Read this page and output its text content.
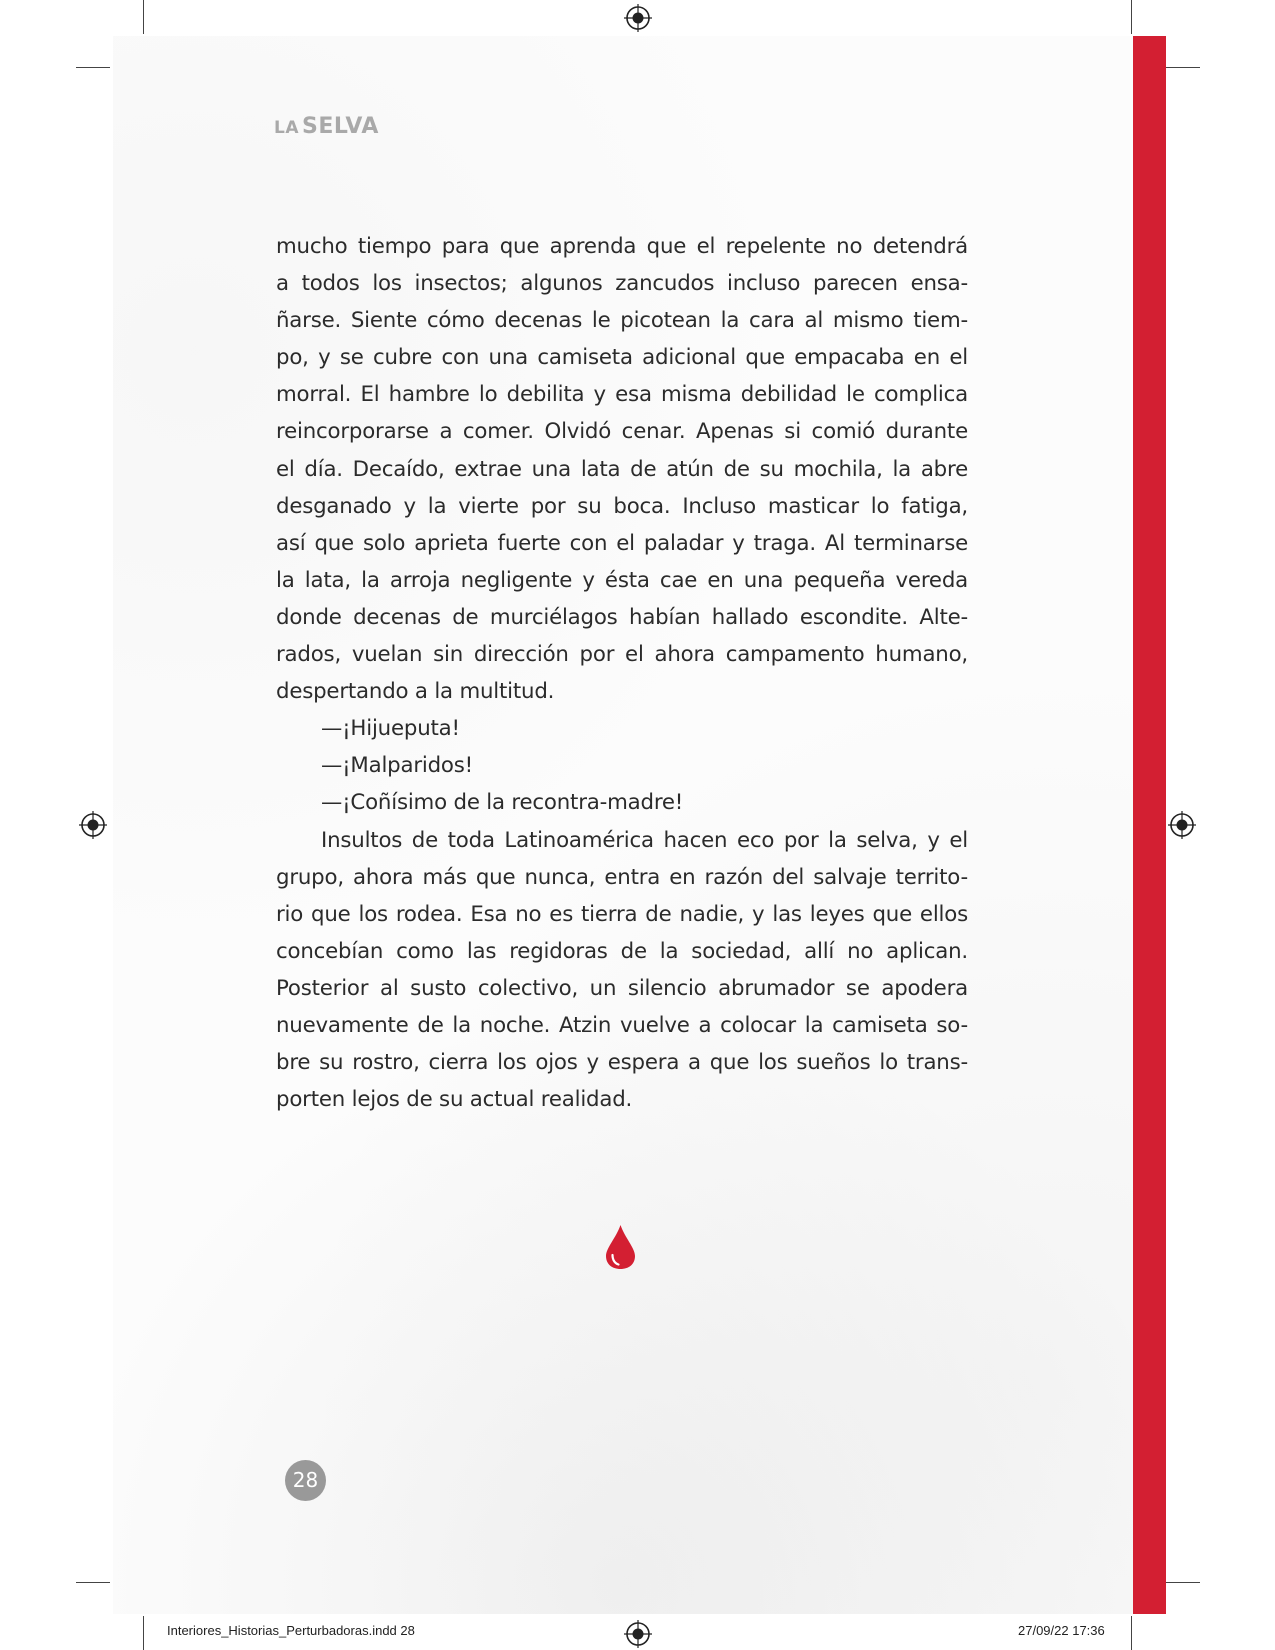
LA SELVA
mucho tiempo para que aprenda que el repelente no detendrá
a todos los insectos; algunos zancudos incluso parecen ensa-
ñarse. Siente cómo decenas le picotean la cara al mismo tiem-
po, y se cubre con una camiseta adicional que empacaba en el
morral. El hambre lo debilita y esa misma debilidad le complica
reincorporarse a comer. Olvidó cenar. Apenas si comió durante
el día. Decaído, extrae una lata de atún de su mochila, la abre
desganado y la vierte por su boca. Incluso masticar lo fatiga,
así que solo aprieta fuerte con el paladar y traga. Al terminarse
la lata, la arroja negligente y ésta cae en una pequeña vereda
donde decenas de murciélagos habían hallado escondite. Alte-
rados, vuelan sin dirección por el ahora campamento humano,
despertando a la multitud.
—¡Hijueputa!
—¡Malparidos!
—¡Coñísimo de la recontra-madre!
Insultos de toda Latinoamérica hacen eco por la selva, y el
grupo, ahora más que nunca, entra en razón del salvaje territo-
rio que los rodea. Esa no es tierra de nadie, y las leyes que ellos
concebían como las regidoras de la sociedad, allí no aplican.
Posterior al susto colectivo, un silencio abrumador se apodera
nuevamente de la noche. Atzin vuelve a colocar la camiseta so-
bre su rostro, cierra los ojos y espera a que los sueños lo trans-
porten lejos de su actual realidad.
28
Interiores_Historias_Perturbadoras.indd 28	27/09/22 17:36
